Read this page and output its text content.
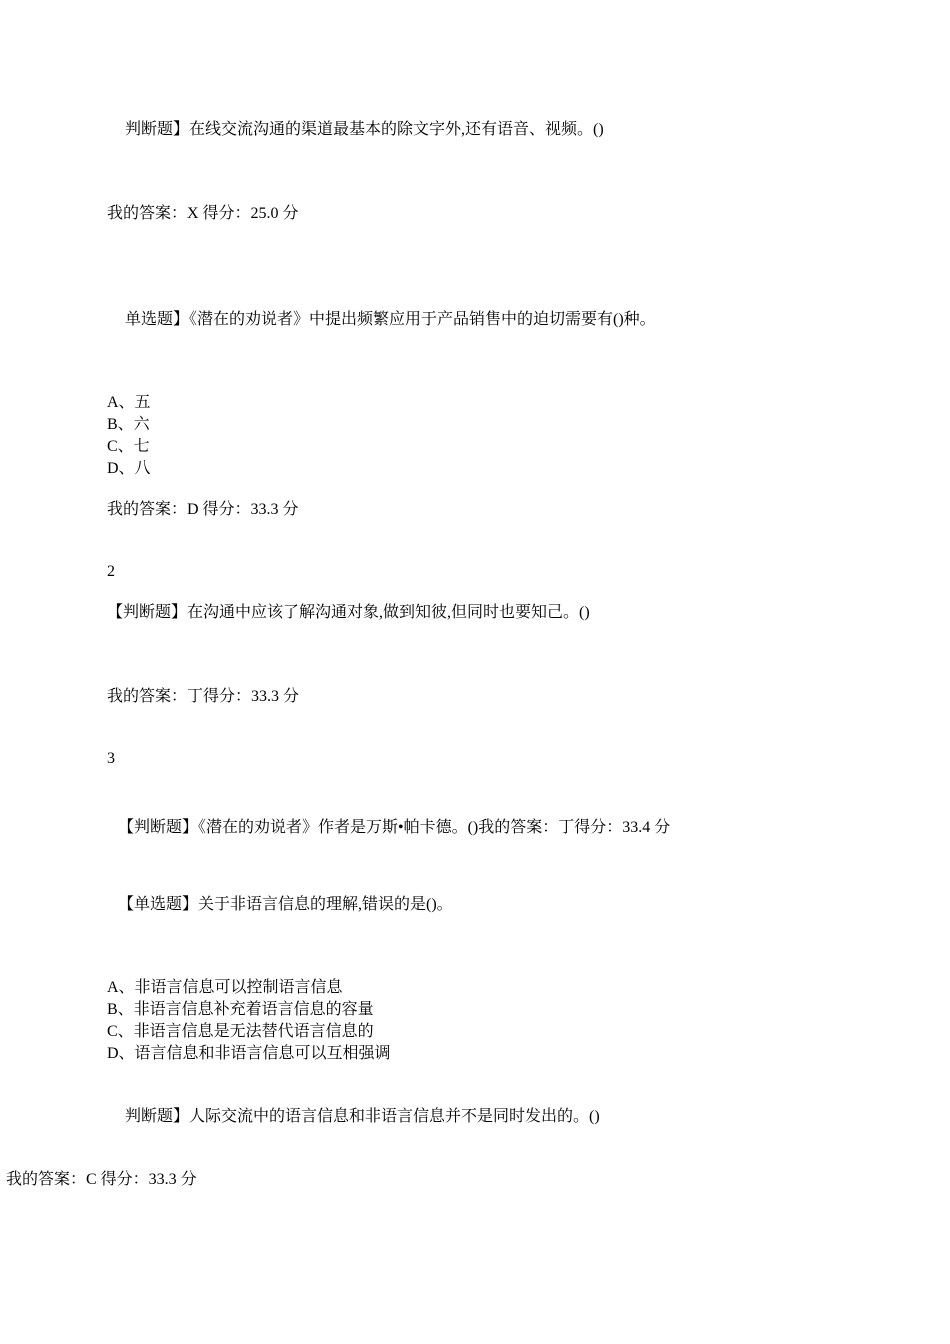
判断题】在线交流沟通的渠道最基本的除文字外,还有语音、视频。()
我的答案：X 得分：25.0 分
单选题】《潜在的劝说者》中提出频繁应用于产品销售中的迫切需要有()种。
A、五
B、六
C、七
D、八
我的答案：D 得分：33.3 分
2
【判断题】在沟通中应该了解沟通对象,做到知彼,但同时也要知己。()
我的答案：丁得分：33.3 分
3
【判断题】《潜在的劝说者》作者是万斯•帕卡德。()我的答案：丁得分：33.4 分
【单选题】关于非语言信息的理解,错误的是()。
A、非语言信息可以控制语言信息
B、非语言信息补充着语言信息的容量
C、非语言信息是无法替代语言信息的
D、语言信息和非语言信息可以互相强调
判断题】人际交流中的语言信息和非语言信息并不是同时发出的。()
我的答案：C 得分：33.3 分
